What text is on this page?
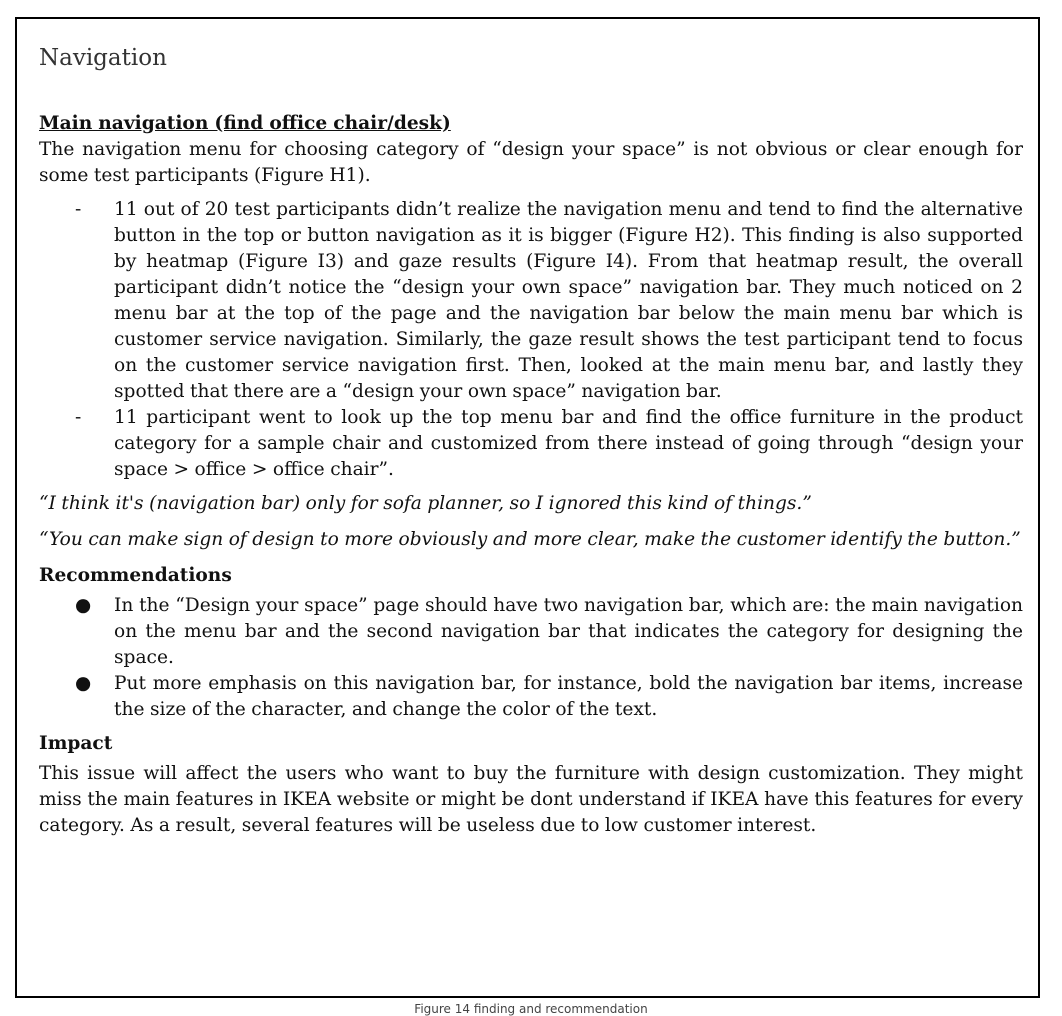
Navigation
Main navigation (find office chair/desk)

The navigation menu for choosing category of “design your space” is not obvious or clear enough for some test participants (Figure H1).

- 11 out of 20 test participants didn’t realize the navigation menu and tend to find the alternative button in the top or button navigation as it is bigger (Figure H2). This finding is also supported by heatmap (Figure I3) and gaze results (Figure I4). From that heatmap result, the overall participant didn’t notice the “design your own space” navigation bar. They much noticed on 2 menu bar at the top of the page and the navigation bar below the main menu bar which is customer service navigation. Similarly, the gaze result shows the test participant tend to focus on the customer service navigation first. Then, looked at the main menu bar, and lastly they spotted that there are a “design your own space” navigation bar.
- 11 participant went to look up the top menu bar and find the office furniture in the product category for a sample chair and customized from there instead of going through “design your space > office > office chair”.

“I think it's (navigation bar) only for sofa planner, so I ignored this kind of things.”

“You can make sign of design to more obviously and more clear, make the customer identify the button.”

Recommendations
● In the “Design your space” page should have two navigation bar, which are: the main navigation on the menu bar and the second navigation bar that indicates the category for designing the space.
● Put more emphasis on this navigation bar, for instance, bold the navigation bar items, increase the size of the character, and change the color of the text.
Impact

This issue will affect the users who want to buy the furniture with design customization. They might miss the main features in IKEA website or might be dont understand if IKEA have this features for every category. As a result, several features will be useless due to low customer interest.

Figure 14 finding and recommendation
